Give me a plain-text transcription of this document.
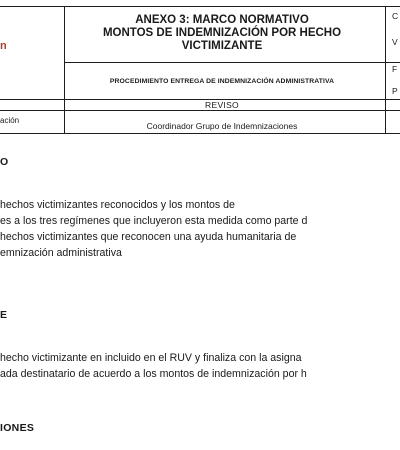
n
ANEXO 3: MARCO NORMATIVO
MONTOS DE INDEMNIZACIÓN POR HECHO
VICTIMIZANTE
PROCEDIMIENTO ENTREGA DE INDEMNIZACIÓN ADMINISTRATIVA
C
V
F
P
REVISO
ación
Coordinador Grupo de Indemnizaciones
O
hechos victimizantes reconocidos y los montos de
es a los tres regímenes que incluyeron esta medida como parte d
hechos victimizantes que reconocen una ayuda humanitaria de
emnización administrativa
E
hecho victimizante en incluido en el RUV y finaliza con la asigna
ada destinatario de acuerdo a los montos de indemnización por h
IONES
